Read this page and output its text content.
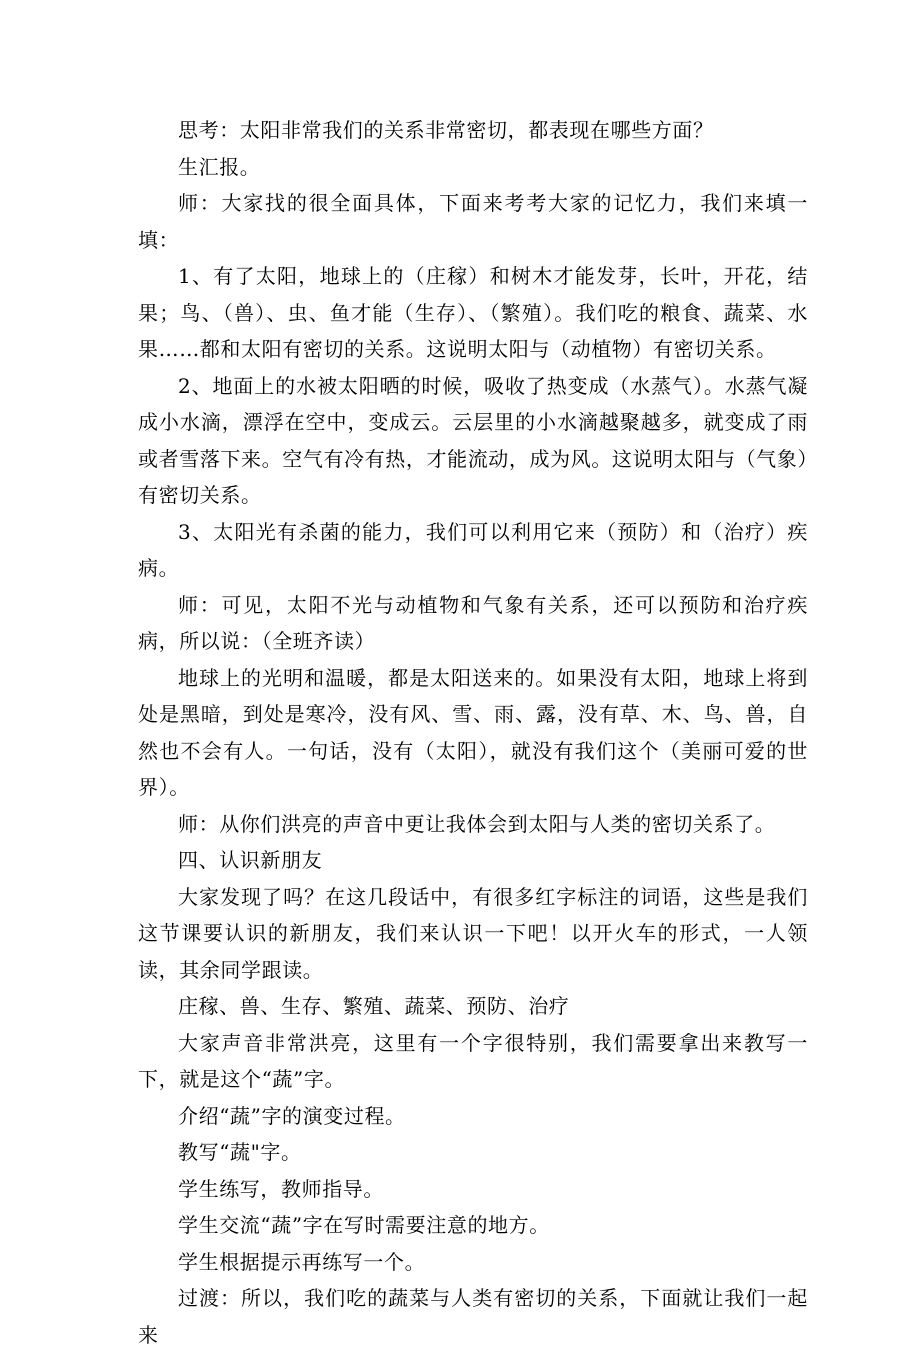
思考：太阳非常我们的关系非常密切，都表现在哪些方面？

生汇报。

师：大家找的很全面具体，下面来考考大家的记忆力，我们来填一填：

1、有了太阳，地球上的（庄稼）和树木才能发芽，长叶，开花，结果；鸟、（兽）、虫、鱼才能（生存）、（繁殖）。我们吃的粮食、蔬菜、水果……都和太阳有密切的关系。这说明太阳与（动植物）有密切关系。

2、地面上的水被太阳晒的时候，吸收了热变成（水蒸气）。水蒸气凝成小水滴，漂浮在空中，变成云。云层里的小水滴越聚越多，就变成了雨或者雪落下来。空气有冷有热，才能流动，成为风。这说明太阳与（气象）有密切关系。

3、太阳光有杀菌的能力，我们可以利用它来（预防）和（治疗）疾病。

师：可见，太阳不光与动植物和气象有关系，还可以预防和治疗疾病，所以说：（全班齐读）

地球上的光明和温暖，都是太阳送来的。如果没有太阳，地球上将到处是黑暗，到处是寒冷，没有风、雪、雨、露，没有草、木、鸟、兽，自然也不会有人。一句话，没有（太阳），就没有我们这个（美丽可爱的世界）。

师：从你们洪亮的声音中更让我体会到太阳与人类的密切关系了。

四、认识新朋友

大家发现了吗？在这几段话中，有很多红字标注的词语，这些是我们这节课要认识的新朋友，我们来认识一下吧！以开火车的形式，一人领读，其余同学跟读。

庄稼、兽、生存、繁殖、蔬菜、预防、治疗

大家声音非常洪亮，这里有一个字很特别，我们需要拿出来教写一下，就是这个“蔬”字。

介绍“蔬”字的演变过程。

教写“蔬"字。

学生练写，教师指导。

学生交流“蔬”字在写时需要注意的地方。

学生根据提示再练写一个。

过渡：所以，我们吃的蔬菜与人类有密切的关系，下面就让我们一起来
